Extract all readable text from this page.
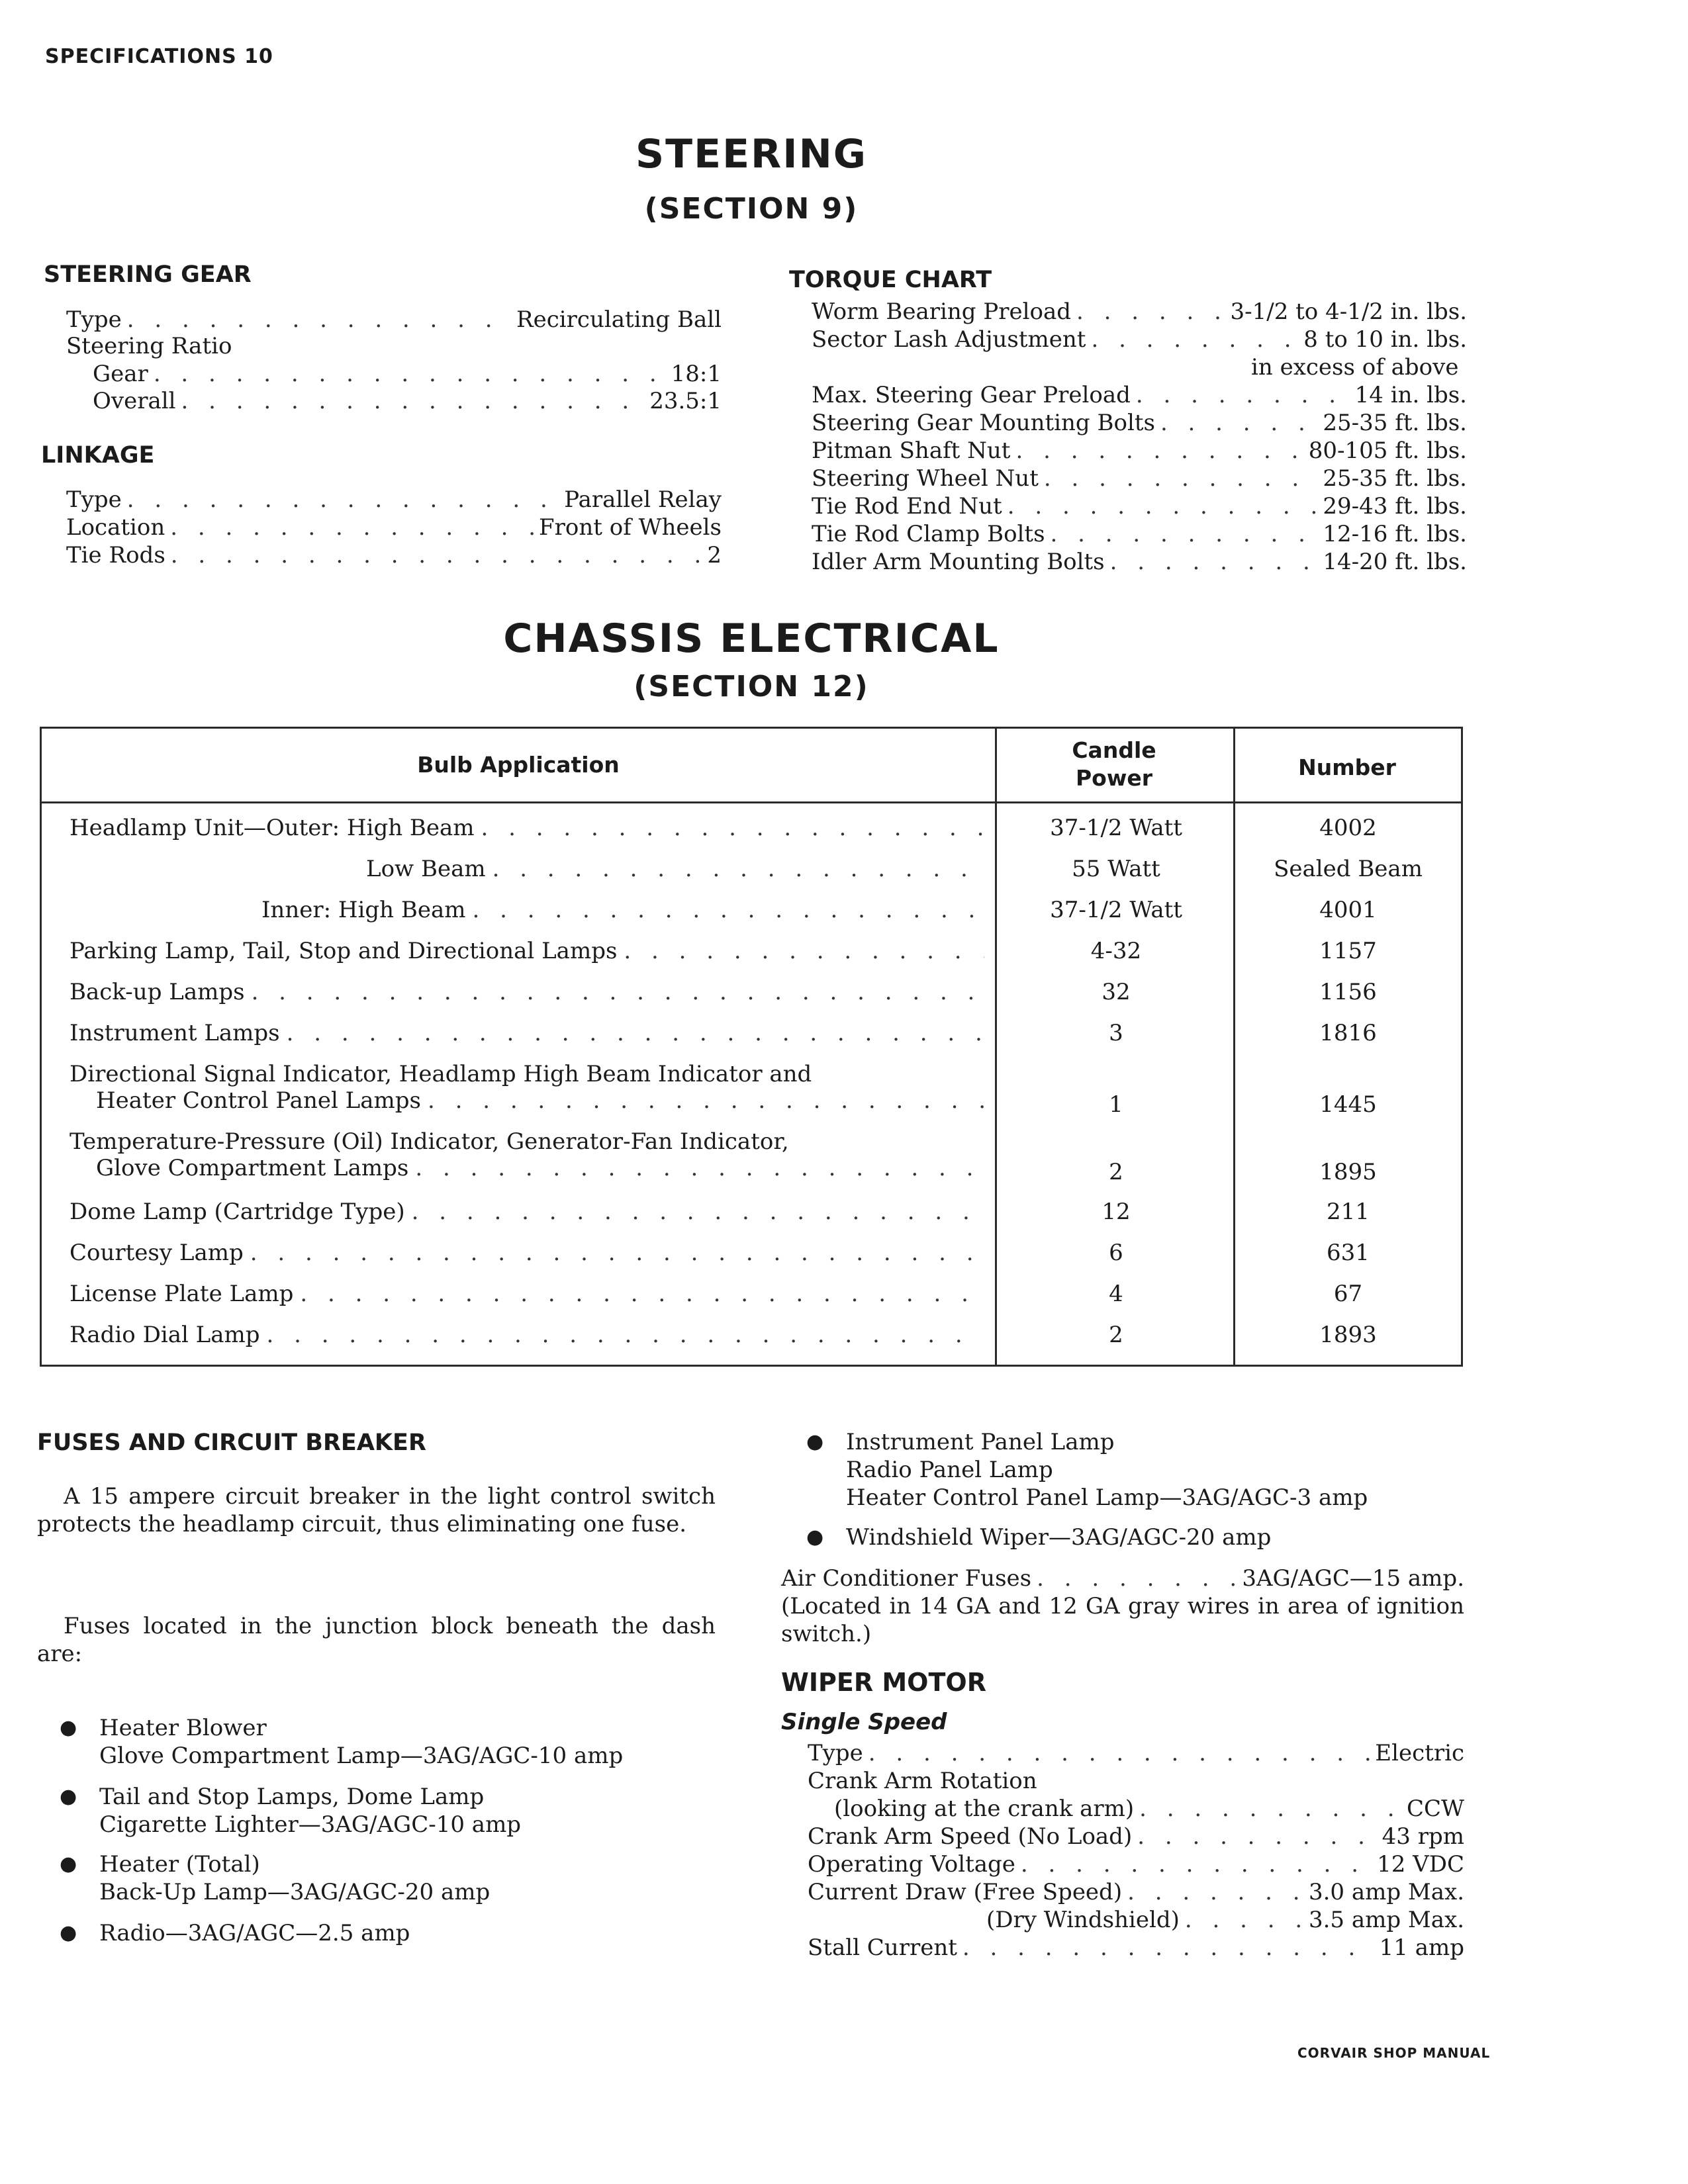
SPECIFICATIONS 10
CORVAIR SHOP MANUAL
STEERING
(SECTION 9)
STEERING GEAR
Type . . .	Recirculating Ball
Steering Ratio
Gear . . .	18:1
Overall . . .	23.5:1
LINKAGE
Type . . .	Parallel Relay
Location . . .	Front of Wheels
Tie Rods . . .	2
TORQUE CHART
Worm Bearing Preload . . .	3-1/2 to 4-1/2 in. lbs.
Sector Lash Adjustment . . .	8 to 10 in. lbs.
in excess of above
Max. Steering Gear Preload . . .	14 in. lbs.
Steering Gear Mounting Bolts . . .	25-35 ft. lbs.
Pitman Shaft Nut . . .	80-105 ft. lbs.
Steering Wheel Nut . . .	25-35 ft. lbs.
Tie Rod End Nut . . .	29-43 ft. lbs.
Tie Rod Clamp Bolts . . .	12-16 ft. lbs.
Idler Arm Mounting Bolts . . .	14-20 ft. lbs.
CHASSIS ELECTRICAL
(SECTION 12)
Bulb Application
Candle
Power	Number
Headlamp Unit—Outer: High Beam . . .	37-1/2 Watt	4002
Low Beam . . .	55 Watt	Sealed Beam
Inner: High Beam . . .	37-1/2 Watt	4001
Parking Lamp, Tail, Stop and Directional Lamps . . .	4-32	1157
Back-up Lamps . . .	32	1156
Instrument Lamps . . .	3	1816
Directional Signal Indicator, Headlamp High Beam Indicator and
Heater Control Panel Lamps . . .	1	1445
Temperature-Pressure (Oil) Indicator, Generator-Fan Indicator,
Glove Compartment Lamps . . .	2	1895
Dome Lamp (Cartridge Type) . . .	12	211
Courtesy Lamp . . .	6	631
License Plate Lamp . . .	4	67
Radio Dial Lamp . . .	2	1893
FUSES AND CIRCUIT BREAKER
A 15 ampere circuit breaker in the light control switch protects the headlamp circuit, thus eliminating one fuse.
Fuses located in the junction block beneath the dash are:
● Heater Blower
Glove Compartment Lamp—3AG/AGC-10 amp
● Tail and Stop Lamps, Dome Lamp
Cigarette Lighter—3AG/AGC-10 amp
● Heater (Total)
Back-Up Lamp—3AG/AGC-20 amp
● Radio—3AG/AGC—2.5 amp
● Instrument Panel Lamp
Radio Panel Lamp
Heater Control Panel Lamp—3AG/AGC-3 amp
● Windshield Wiper—3AG/AGC-20 amp
Air Conditioner Fuses . . .	3AG/AGC—15 amp.
(Located in 14 GA and 12 GA gray wires in area of ignition switch.)
WIPER MOTOR
Single Speed
Type . . .	Electric
Crank Arm Rotation
(looking at the crank arm) . . .	CCW
Crank Arm Speed (No Load) . . .	43 rpm
Operating Voltage . . .	12 VDC
Current Draw (Free Speed) . . .	3.0 amp Max.
(Dry Windshield) . . .	3.5 amp Max.
Stall Current . . .	11 amp
